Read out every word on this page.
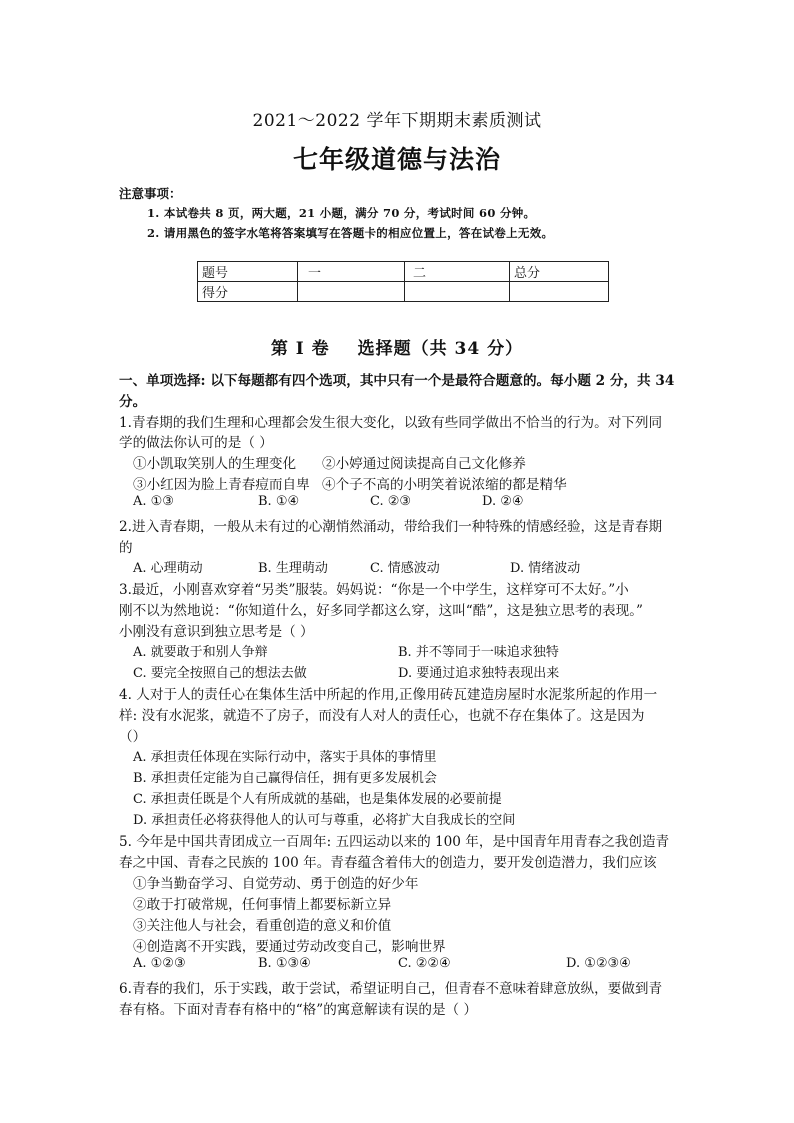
2021～2022 学年下期期末素质测试
七年级道德与法治
注意事项：
1. 本试卷共 8 页，两大题，21 小题，满分 70 分，考试时间 60 分钟。
2. 请用黑色的签字水笔将答案填写在答题卡的相应位置上，答在试卷上无效。
题号	一	二	总分
得分			
第 I 卷 选择题（共 34 分）
一、单项选择: 以下每题都有四个选项，其中只有一个是最符合题意的。每小题 2 分，共 34
分。
1.青春期的我们生理和心理都会发生很大变化，以致有些同学做出不恰当的行为。对下列同
学的做法你认可的是（ ）
①小凯取笑别人的生理变化 ②小婷通过阅读提高自己文化修养
③小红因为脸上青春痘而自卑 ④个子不高的小明笑着说浓缩的都是精华
A. ①③	B. ①④	C. ②③	D. ②④
2.进入青春期，一般从未有过的心潮悄然涌动，带给我们一种特殊的情感经验，这是青春期
的
A. 心理萌动	B. 生理萌动	C. 情感波动	D. 情绪波动
3.最近，小刚喜欢穿着“另类”服装。妈妈说：“你是一个中学生，这样穿可不太好。”小
刚不以为然地说：“你知道什么，好多同学都这么穿，这叫“酷”，这是独立思考的表现。”
小刚没有意识到独立思考是（ ）
A. 就要敢于和别人争辩	B. 并不等同于一味追求独特
C. 要完全按照自己的想法去做	D. 要通过追求独特表现出来
4. 人对于人的责任心在集体生活中所起的作用,正像用砖瓦建造房屋时水泥浆所起的作用一
样: 没有水泥浆，就造不了房子，而没有人对人的责任心，也就不存在集体了。这是因为
（）
A. 承担责任体现在实际行动中，落实于具体的事情里
B. 承担责任定能为自己赢得信任，拥有更多发展机会
C. 承担责任既是个人有所成就的基础，也是集体发展的必要前提
D. 承担责任必将获得他人的认可与尊重，必将扩大自我成长的空间
5. 今年是中国共青团成立一百周年: 五四运动以来的 100 年，是中国青年用青春之我创造青
春之中国、青春之民族的 100 年。青春蕴含着伟大的创造力，要开发创造潜力，我们应该
①争当勤奋学习、自觉劳动、勇于创造的好少年
②敢于打破常规，任何事情上都要标新立异
③关注他人与社会，看重创造的意义和价值
④创造离不开实践，要通过劳动改变自己，影响世界
A. ①②③	B. ①③④	C. ②②④	D. ①②③④
6.青春的我们，乐于实践，敢于尝试，希望证明自己，但青春不意味着肆意放纵，要做到青
春有格。下面对青春有格中的“格”的寓意解读有误的是（ ）
